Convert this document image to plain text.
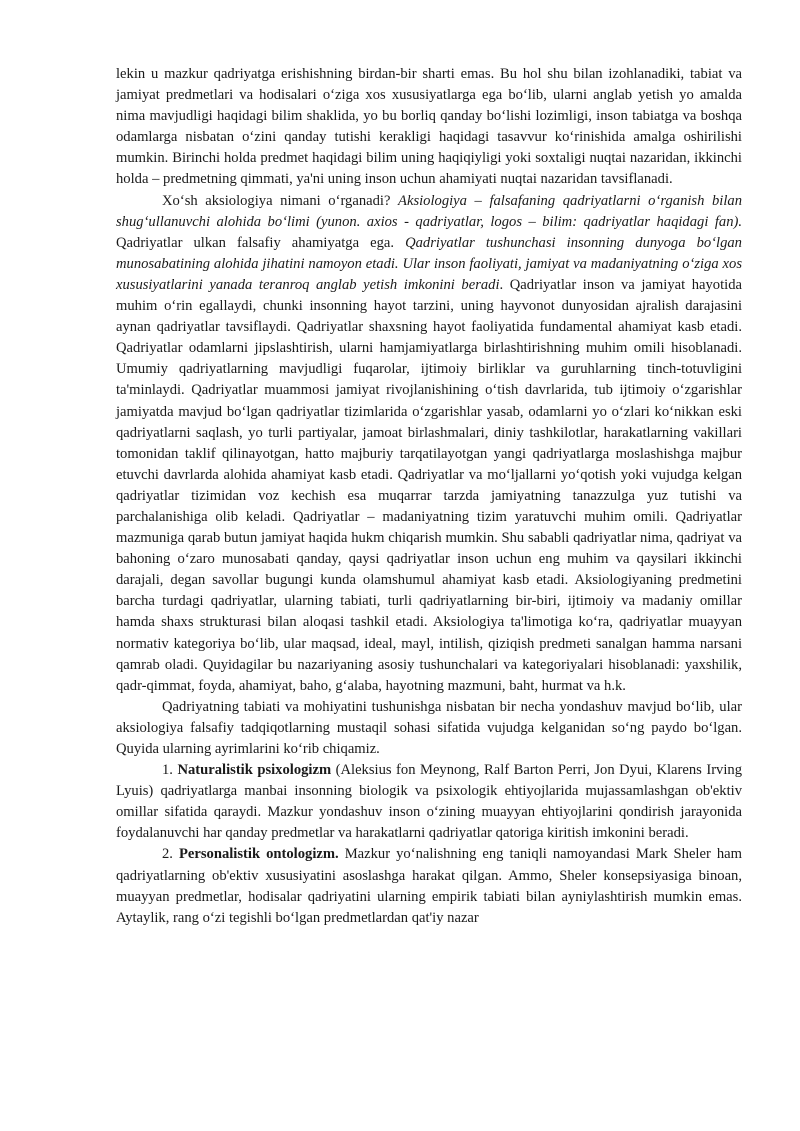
lekin u mazkur qadriyatga erishishning birdan-bir sharti emas. Bu hol shu bilan izohlanadiki, tabiat va jamiyat predmetlari va hodisalari o‘ziga xos xususiyatlarga ega bo‘lib, ularni anglab yetish yo amalda nima mavjudligi haqidagi bilim shaklida, yo bu borliq qanday bo‘lishi lozimligi, inson tabiatga va boshqa odamlarga nisbatan o‘zini qanday tutishi kerakligi haqidagi tasavvur ko‘rinishida amalga oshirilishi mumkin. Birinchi holda predmet haqidagi bilim uning haqiqiyligi yoki soxtaligi nuqtai nazaridan, ikkinchi holda – predmetning qimmati, ya'ni uning inson uchun ahamiyati nuqtai nazaridan tavsiflanadi.

Xo‘sh aksiologiya nimani o‘rganadi? Aksiologiya – falsafaning qadriyatlarni o‘rganish bilan shug‘ullanuvchi alohida bo‘limi (yunon. axios - qadriyatlar, logos – bilim: qadriyatlar haqidagi fan). Qadriyatlar ulkan falsafiy ahamiyatga ega. Qadriyatlar tushunchasi insonning dunyoga bo‘lgan munosabatining alohida jihatini namoyon etadi. Ular inson faoliyati, jamiyat va madaniyatning o‘ziga xos xususiyatlarini yanada teranroq anglab yetish imkonini beradi. Qadriyatlar inson va jamiyat hayotida muhim o‘rin egallaydi, chunki insonning hayot tarzini, uning hayvonot dunyosidan ajralish darajasini aynan qadriyatlar tavsiflaydi. Qadriyatlar shaxsning hayot faoliyatida fundamental ahamiyat kasb etadi. Qadriyatlar odamlarni jipslashtirish, ularni hamjamiyatlarga birlashtirishning muhim omili hisoblanadi. Umumiy qadriyatlarning mavjudligi fuqarolar, ijtimoiy birliklar va guruhlarning tinch-totuvligini ta'minlaydi. Qadriyatlar muammosi jamiyat rivojlanishining o‘tish davrlarida, tub ijtimoiy o‘zgarishlar jamiyatda mavjud bo‘lgan qadriyatlar tizimlarida o‘zgarishlar yasab, odamlarni yo o‘zlari ko‘nikkan eski qadriyatlarni saqlash, yo turli partiyalar, jamoat birlashmalari, diniy tashkilotlar, harakatlarning vakillari tomonidan taklif qilinayotgan, hatto majburiy tarqatilayotgan yangi qadriyatlarga moslashishga majbur etuvchi davrlarda alohida ahamiyat kasb etadi. Qadriyatlar va mo‘ljallarni yo‘qotish yoki vujudga kelgan qadriyatlar tizimidan voz kechish esa muqarrar tarzda jamiyatning tanazzulga yuz tutishi va parchalanishiga olib keladi. Qadriyatlar – madaniyatning tizim yaratuvchi muhim omili. Qadriyatlar mazmuniga qarab butun jamiyat haqida hukm chiqarish mumkin. Shu sababli qadriyatlar nima, qadriyat va bahoning o‘zaro munosabati qanday, qaysi qadriyatlar inson uchun eng muhim va qaysilari ikkinchi darajali, degan savollar bugungi kunda olamshumul ahamiyat kasb etadi. Aksiologiyaning predmetini barcha turdagi qadriyatlar, ularning tabiati, turli qadriyatlarning bir-biri, ijtimoiy va madaniy omillar hamda shaxs strukturasi bilan aloqasi tashkil etadi. Aksiologiya ta'limotiga ko‘ra, qadriyatlar muayyan normativ kategoriya bo‘lib, ular maqsad, ideal, mayl, intilish, qiziqish predmeti sanalgan hamma narsani qamrab oladi. Quyidagilar bu nazariyaning asosiy tushunchalari va kategoriyalari hisoblanadi: yaxshilik, qadr-qimmat, foyda, ahamiyat, baho, g‘alaba, hayotning mazmuni, baht, hurmat va h.k.

Qadriyatning tabiati va mohiyatini tushunishga nisbatan bir necha yondashuv mavjud bo‘lib, ular aksiologiya falsafiy tadqiqotlarning mustaqil sohasi sifatida vujudga kelganidan so‘ng paydo bo‘lgan. Quyida ularning ayrimlarini ko‘rib chiqamiz.

1. Naturalistik psixologizm (Aleksius fon Meynong, Ralf Barton Perri, Jon Dyui, Klarens Irving Lyuis) qadriyatlarga manbai insonning biologik va psixologik ehtiyojlarida mujassamlashgan ob'ektiv omillar sifatida qaraydi. Mazkur yondashuv inson o‘zining muayyan ehtiyojlarini qondirish jarayonida foydalanuvchi har qanday predmetlar va harakatlarni qadriyatlar qatoriga kiritish imkonini beradi.

2. Personalistik ontologizm. Mazkur yo‘nalishning eng taniqli namoyandasi Mark Sheler ham qadriyatlarning ob'ektiv xususiyatini asoslashga harakat qilgan. Ammo, Sheler konsepsiyasiga binoan, muayyan predmetlar, hodisalar qadriyatini ularning empirik tabiati bilan ayniylashtirish mumkin emas. Aytaylik, rang o‘zi tegishli bo‘lgan predmetlardan qat'iy nazar
